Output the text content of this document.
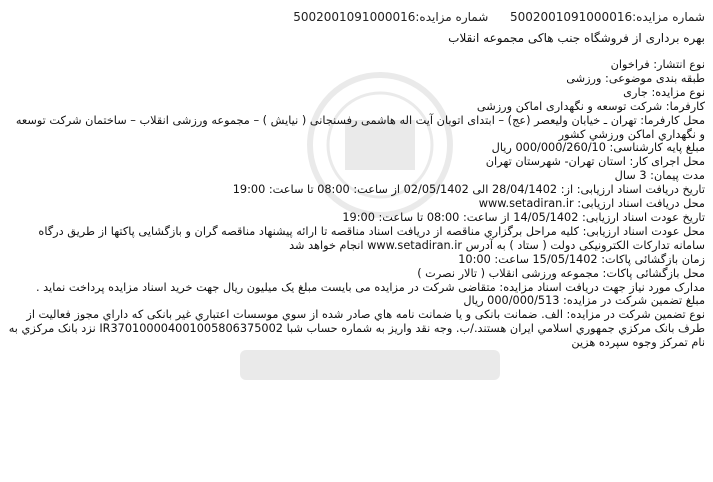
شماره مزایده:5002001091000016  شماره مزایده:5002001091000016
بهره برداری از فروشگاه جنب هاکی مجموعه انقلاب

نوع انتشار: فراخوان

طبقه بندی موضوعی: ورزشی

نوع مزایده: جاری

کارفرما: شرکت توسعه و نگهداری اماکن ورزشی

محل کارفرما: تهران ـ خیابان ولیعصر (عج) – ابتدای اتوبان آیت اله هاشمی رفسنجانی ( نیایش ) – مجموعه ورزشی انقلاب – ساختمان شرکت توسعه و نگهداري اماکن ورزشي کشور

مبلغ پایه کارشناسی: 000/000/260/10 ریال

محل اجرای کار: استان تهران- شهرستان تهران

مدت پیمان: 3 سال

تاریخ دریافت اسناد ارزیابی: از: 28/04/1402 الی 02/05/1402 از ساعت: 08:00 تا ساعت: 19:00

محل دریافت اسناد ارزیابی: www.setadiran.ir

تاریخ عودت اسناد ارزیابی: 14/05/1402 از ساعت: 08:00 تا ساعت: 19:00

محل عودت اسناد ارزیابی: کلیه مراحل برگزاري مناقصه از دریافت اسناد مناقصه تا ارائه پیشنهاد مناقصه گران و بازگشایی پاکتها از طریق درگاه سامانه تدارکات الکترونیکی دولت ( ستاد ) به آدرس www.setadiran.ir انجام خواهد شد

زمان بازگشائی پاکات: 15/05/1402 ساعت: 10:00

محل بازگشائی پاکات: مجموعه ورزشی انقلاب ( تالار نصرت )

مدارک مورد نیاز جهت دریافت اسناد مزایده: متقاضی شرکت در مزایده می بایست مبلغ یک میلیون ریال جهت خرید اسناد مزایده پرداخت نماید .

مبلغ تضمین شرکت در مزایده: 000/000/513 ریال

نوع تضمین شرکت در مزایده: الف. ضمانت بانکی و یا ضمانت نامه هاي صادر شده از سوي موسسات اعتباري غیر بانکی که داراي مجوز فعالیت از طرف بانک مرکزي جمهوري اسلامي ایران هستند./ب. وجه نقد واریز به شماره حساب شبا IR370100004001005806375002 نزد بانک مرکزي به نام تمرکز وجوه سپرده هزین
